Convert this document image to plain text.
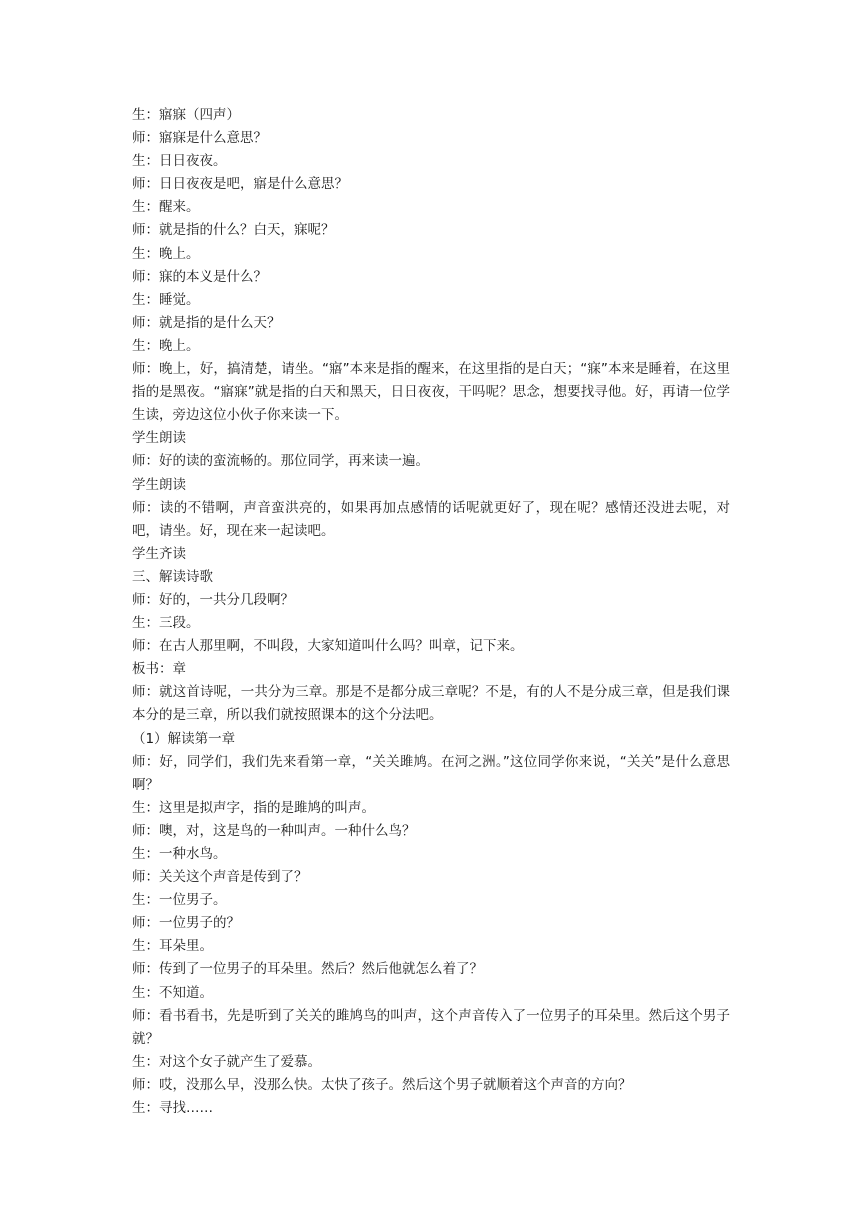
生：寤寐（四声）

师：寤寐是什么意思？

生：日日夜夜。

师：日日夜夜是吧，寤是什么意思？

生：醒来。

师：就是指的什么？白天，寐呢？

生：晚上。

师：寐的本义是什么？

生：睡觉。

师：就是指的是什么天？

生：晚上。

师：晚上，好，搞清楚，请坐。“寤”本来是指的醒来，在这里指的是白天；“寐”本来是睡着，在这里指的是黑夜。“寤寐”就是指的白天和黑天，日日夜夜，干吗呢？思念，想要找寻他。好，再请一位学生读，旁边这位小伙子你来读一下。

学生朗读

师：好的读的蛮流畅的。那位同学，再来读一遍。

学生朗读

师：读的不错啊，声音蛮洪亮的，如果再加点感情的话呢就更好了，现在呢？感情还没进去呢，对吧，请坐。好，现在来一起读吧。

学生齐读

三、解读诗歌

师：好的，一共分几段啊？

生：三段。

师：在古人那里啊，不叫段，大家知道叫什么吗？叫章，记下来。

板书：章

师：就这首诗呢，一共分为三章。那是不是都分成三章呢？不是，有的人不是分成三章，但是我们课本分的是三章，所以我们就按照课本的这个分法吧。

（1）解读第一章

师：好，同学们，我们先来看第一章，“关关雎鸠。在河之洲。”这位同学你来说，“关关”是什么意思啊？

生：这里是拟声字，指的是雎鸠的叫声。

师：噢，对，这是鸟的一种叫声。一种什么鸟？

生：一种水鸟。

师：关关这个声音是传到了？

生：一位男子。

师：一位男子的？

生：耳朵里。

师：传到了一位男子的耳朵里。然后？然后他就怎么着了？

生：不知道。

师：看书看书，先是听到了关关的雎鸠鸟的叫声，这个声音传入了一位男子的耳朵里。然后这个男子就？

生：对这个女子就产生了爱慕。

师：哎，没那么早，没那么快。太快了孩子。然后这个男子就顺着这个声音的方向？

生：寻找……
